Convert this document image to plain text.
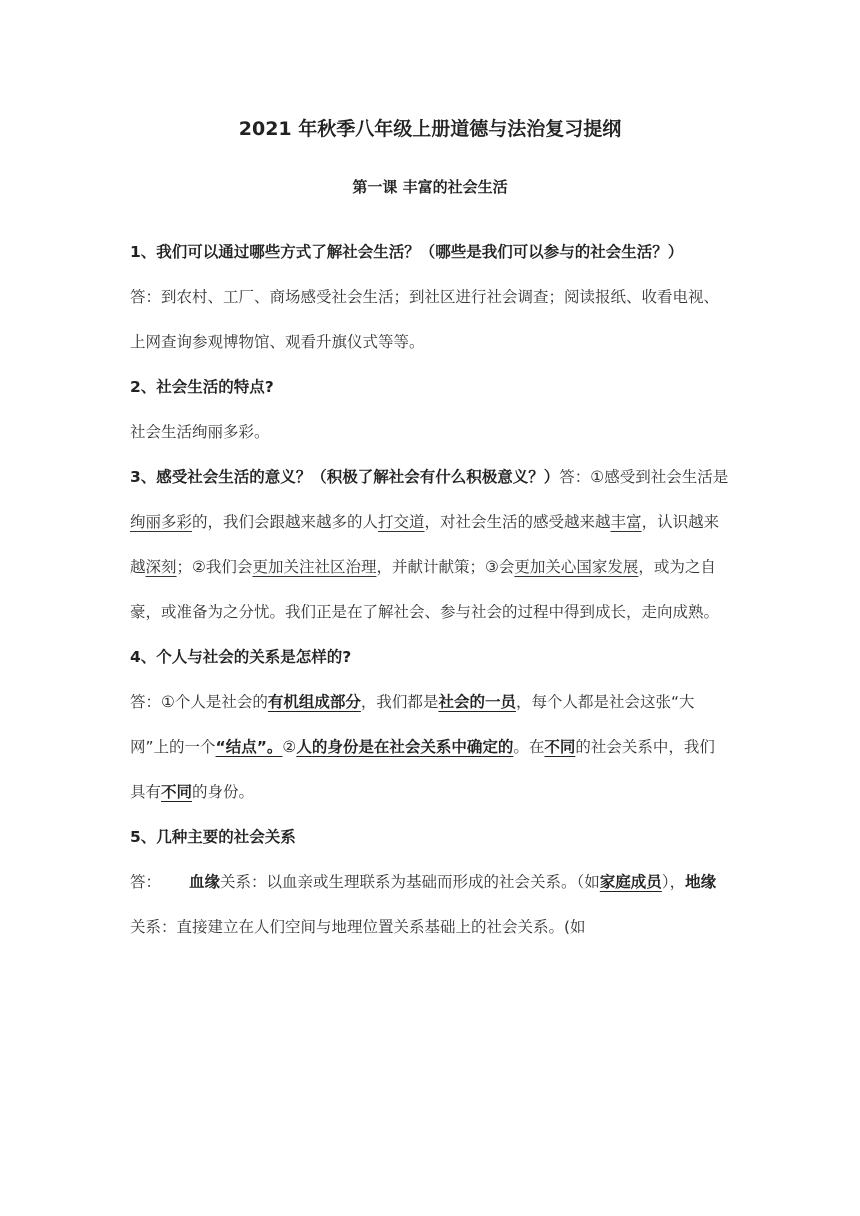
2021 年秋季八年级上册道德与法治复习提纲
第一课 丰富的社会生活

1、我们可以通过哪些方式了解社会生活？（哪些是我们可以参与的社会生活？）

答：到农村、工厂、商场感受社会生活；到社区进行社会调查；阅读报纸、收看电视、上网查询参观博物馆、观看升旗仪式等等。

2、社会生活的特点?

社会生活绚丽多彩。

3、感受社会生活的意义？（积极了解社会有什么积极意义？）答：①感受到社会生活是绚丽多彩的，我们会跟越来越多的人打交道，对社会生活的感受越来越丰富，认识越来越深刻；②我们会更加关注社区治理，并献计献策；③会更加关心国家发展，或为之自豪，或准备为之分忧。我们正是在了解社会、参与社会的过程中得到成长，走向成熟。

4、个人与社会的关系是怎样的?

答：①个人是社会的有机组成部分，我们都是社会的一员，每个人都是社会这张“大网”上的一个“结点”。②人的身份是在社会关系中确定的。在不同的社会关系中，我们具有不同的身份。

5、几种主要的社会关系

答： 血缘关系：以血亲或生理联系为基础而形成的社会关系。（如家庭成员），地缘关系：直接建立在人们空间与地理位置关系基础上的社会关系。(如
